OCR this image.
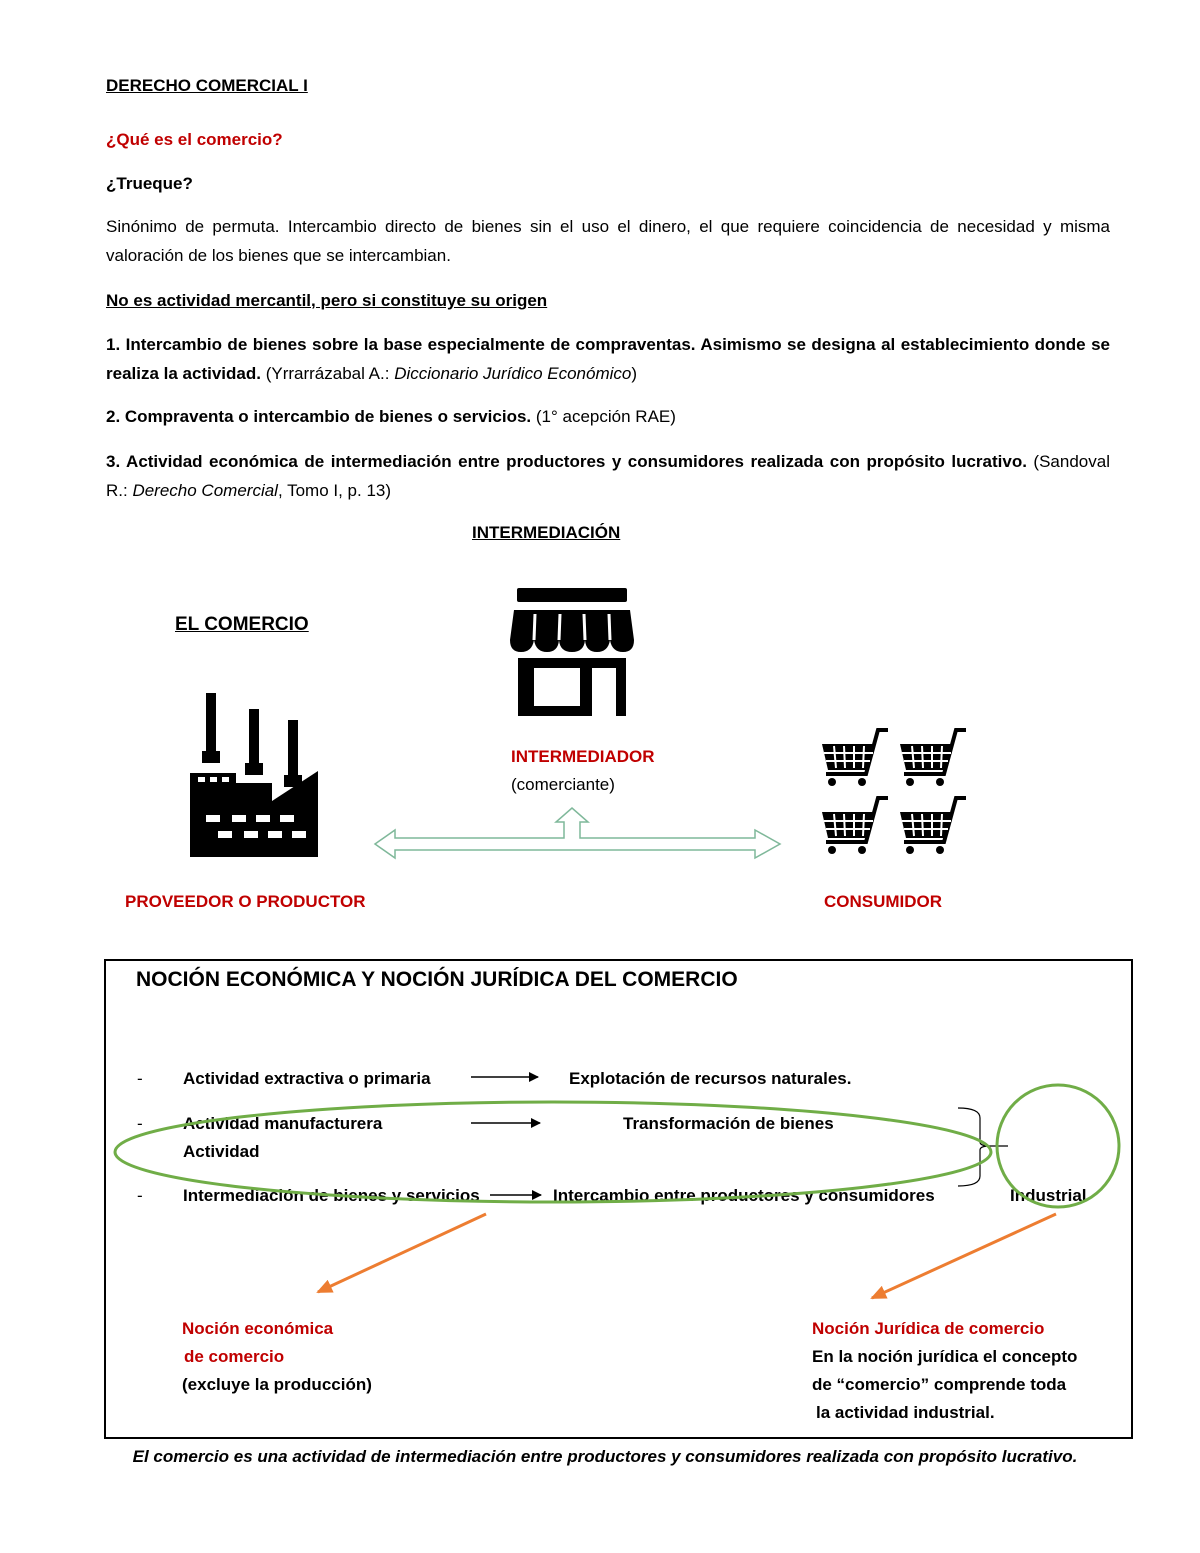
DERECHO COMERCIAL I
¿Qué es el comercio?
¿Trueque?
Sinónimo de permuta. Intercambio directo de bienes sin el uso el dinero, el que requiere coincidencia de necesidad y misma valoración de los bienes que se intercambian.
No es actividad mercantil, pero si constituye su origen
1. Intercambio de bienes sobre la base especialmente de compraventas. Asimismo se designa al establecimiento donde se realiza la actividad. (Yrrarrázabal A.: Diccionario Jurídico Económico)
2. Compraventa o intercambio de bienes o servicios. (1° acepción RAE)
3. Actividad económica de intermediación entre productores y consumidores realizada con propósito lucrativo. (Sandoval R.: Derecho Comercial, Tomo I, p. 13)
INTERMEDIACIÓN
EL COMERCIO
INTERMEDIADOR
(comerciante)
PROVEEDOR O PRODUCTOR	CONSUMIDOR
NOCIÓN ECONÓMICA Y NOCIÓN JURÍDICA DEL COMERCIO
- Actividad extractiva o primaria	Explotación de recursos naturales.
- Actividad manufacturera	Transformación de bienes
Actividad
- Intermediación de bienes y servicios	Intercambio entre productores y consumidores	Industrial
Noción económica
de comercio
(excluye la producción)
Noción Jurídica de comercio
En la noción jurídica el concepto
de “comercio” comprende toda
la actividad industrial.
El comercio es una actividad de intermediación entre productores y consumidores realizada con propósito lucrativo.
